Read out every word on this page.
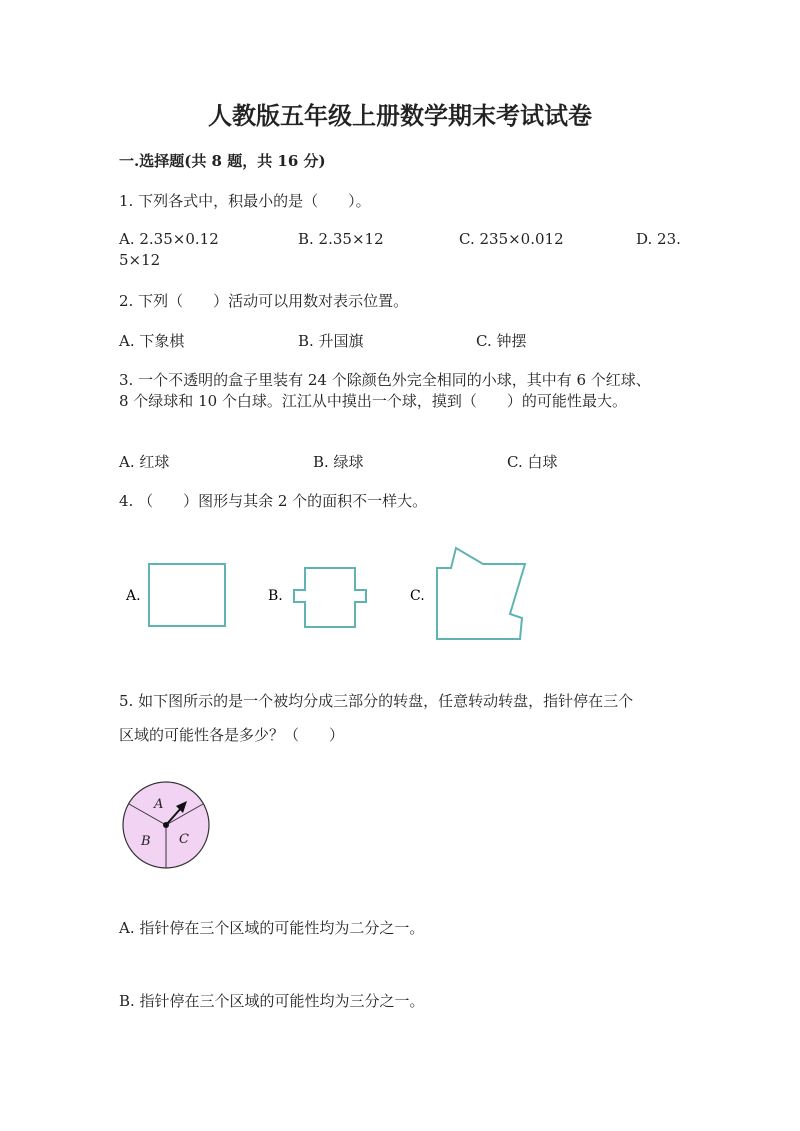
人教版五年级上册数学期末考试试卷
一.选择题(共 8 题，共 16 分)
1. 下列各式中，积最小的是（　　）。
A. 2.35×0.12	B. 2.35×12	C. 235×0.012	D. 23.
5×12
2. 下列（　　）活动可以用数对表示位置。
A. 下象棋	B. 升国旗	C. 钟摆
3. 一个不透明的盒子里装有 24 个除颜色外完全相同的小球，其中有 6 个红球、
8 个绿球和 10 个白球。江江从中摸出一个球，摸到（　　）的可能性最大。
A. 红球	B. 绿球	C. 白球
4. （　　）图形与其余 2 个的面积不一样大。
A.	B.	C.
5. 如下图所示的是一个被均分成三部分的转盘，任意转动转盘，指针停在三个
区域的可能性各是多少？（　　）
A
B C
A. 指针停在三个区域的可能性均为二分之一。
B. 指针停在三个区域的可能性均为三分之一。
